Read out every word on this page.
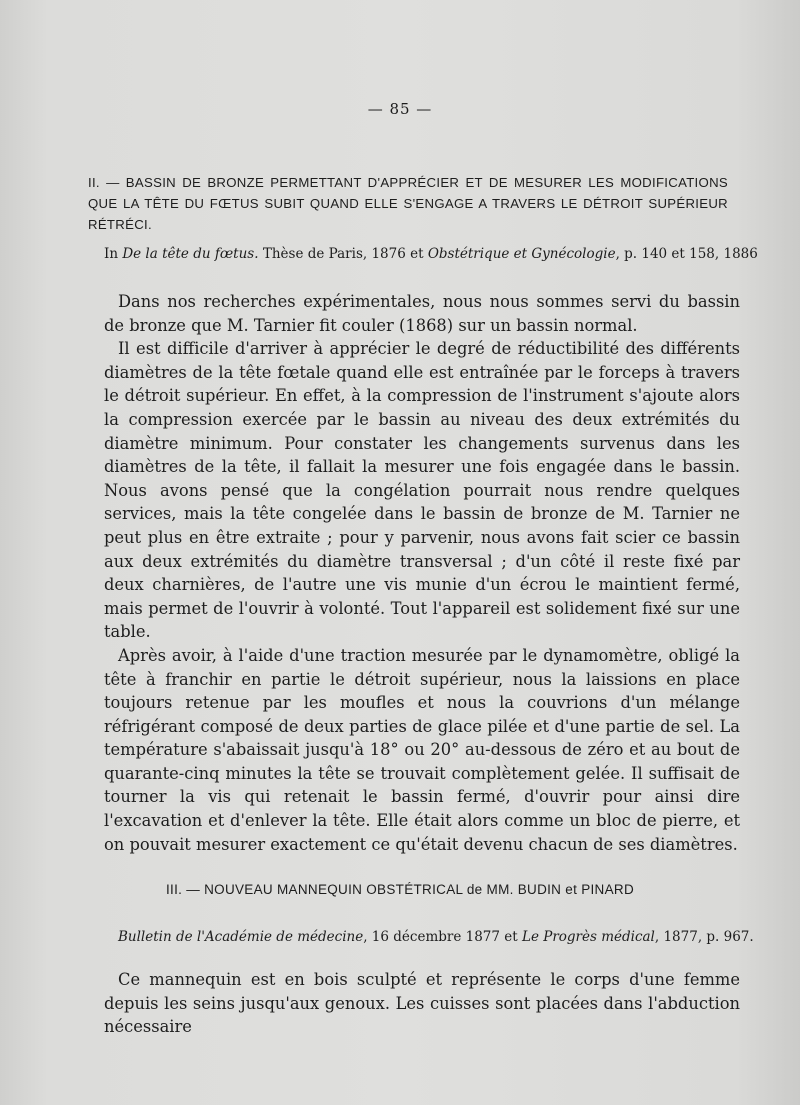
— 85 —
II. — BASSIN DE BRONZE PERMETTANT D'APPRÉCIER ET DE MESURER LES MODIFICATIONS QUE LA TÊTE DU FŒTUS SUBIT QUAND ELLE S'ENGAGE A TRAVERS LE DÉTROIT SUPÉRIEUR RÉTRÉCI.
In De la tête du fœtus. Thèse de Paris, 1876 et Obstétrique et Gynécologie, p. 140 et 158, 1886

Dans nos recherches expérimentales, nous nous sommes servi du bassin de bronze que M. Tarnier fit couler (1868) sur un bassin normal.

Il est difficile d'arriver à apprécier le degré de réductibilité des différents diamètres de la tête fœtale quand elle est entraînée par le forceps à travers le détroit supérieur. En effet, à la compression de l'instrument s'ajoute alors la compression exercée par le bassin au niveau des deux extrémités du diamètre minimum. Pour constater les changements survenus dans les diamètres de la tête, il fallait la mesurer une fois engagée dans le bassin. Nous avons pensé que la congélation pourrait nous rendre quelques services, mais la tête congelée dans le bassin de bronze de M. Tarnier ne peut plus en être extraite ; pour y parvenir, nous avons fait scier ce bassin aux deux extrémités du diamètre transversal ; d'un côté il reste fixé par deux charnières, de l'autre une vis munie d'un écrou le maintient fermé, mais permet de l'ouvrir à volonté. Tout l'appareil est solidement fixé sur une table.

Après avoir, à l'aide d'une traction mesurée par le dynamomètre, obligé la tête à franchir en partie le détroit supérieur, nous la laissions en place toujours retenue par les moufles et nous la couvrions d'un mélange réfrigérant composé de deux parties de glace pilée et d'une partie de sel. La température s'abaissait jusqu'à 18° ou 20° au-dessous de zéro et au bout de quarante-cinq minutes la tête se trouvait complètement gelée. Il suffisait de tourner la vis qui retenait le bassin fermé, d'ouvrir pour ainsi dire l'excavation et d'enlever la tête. Elle était alors comme un bloc de pierre, et on pouvait mesurer exactement ce qu'était devenu chacun de ses diamètres.

III. — NOUVEAU MANNEQUIN OBSTÉTRICAL de MM. BUDIN et PINARD
Bulletin de l'Académie de médecine, 16 décembre 1877 et Le Progrès médical, 1877, p. 967.

Ce mannequin est en bois sculpté et représente le corps d'une femme depuis les seins jusqu'aux genoux. Les cuisses sont placées dans l'abduction nécessaire
